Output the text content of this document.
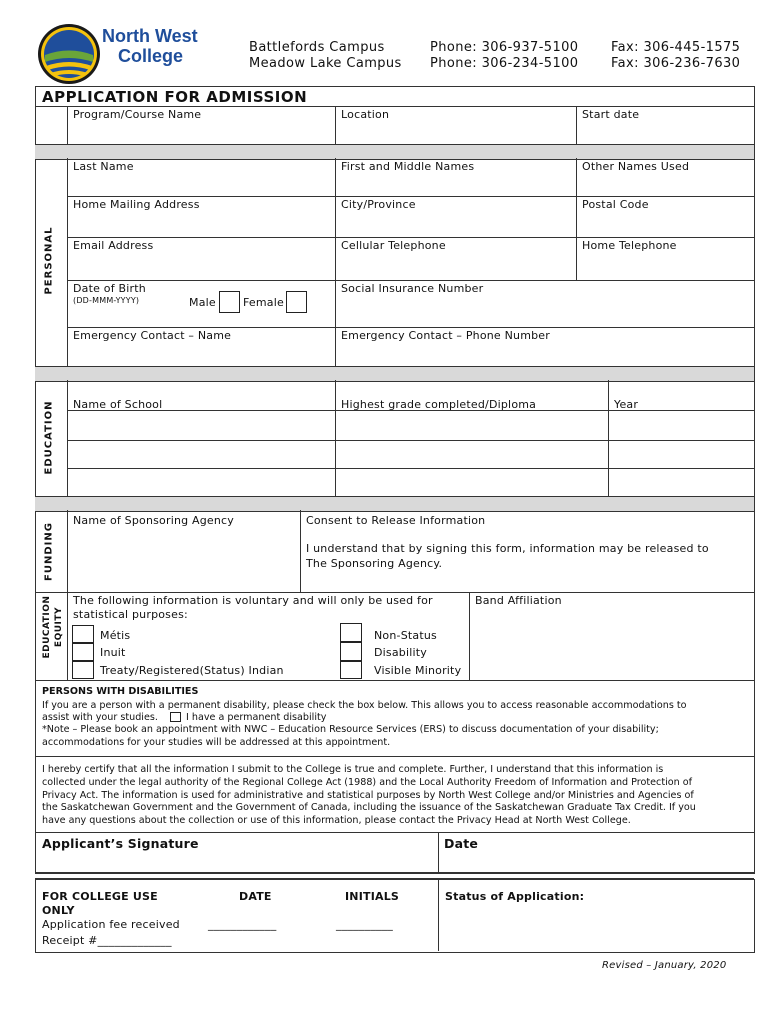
North West
College	Battlefords Campus
Meadow Lake Campus
Phone: 306-937-5100
Phone: 306-234-5100
Fax: 306-445-1575
Fax: 306-236-7630
APPLICATION FOR ADMISSION
Program/Course Name	Location	Start date
PERSONAL
Last Name	First and Middle Names	Other Names Used
Home Mailing Address	City/Province	Postal Code
Email Address	Cellular Telephone	Home Telephone
Date of Birth
(DD-MMM-YYYY)	Male Female
Social Insurance Number
Emergency Contact – Name	Emergency Contact – Phone Number
EDUCATION Name of School	Highest grade completed/Diploma	Year
FUNDING
Name of Sponsoring Agency	Consent to Release Information
I understand that by signing this form, information may be released to
The Sponsoring Agency.
EDUCATION EQUITY
The following information is voluntary and will only be used for
statistical purposes:
Band Affiliation
Métis
Inuit
Treaty/Registered(Status) Indian
Non-Status
Disability
Visible Minority
PERSONS WITH DISABILITIES
If you are a person with a permanent disability, please check the box below. This allows you to access reasonable accommodations to
assist with your studies.	I have a permanent disability
*Note – Please book an appointment with NWC – Education Resource Services (ERS) to discuss documentation of your disability;
accommodations for your studies will be addressed at this appointment.
I hereby certify that all the information I submit to the College is true and complete. Further, I understand that this information is
collected under the legal authority of the Regional College Act (1988) and the Local Authority Freedom of Information and Protection of
Privacy Act. The information is used for administrative and statistical purposes by North West College and/or Ministries and Agencies of
the Saskatchewan Government and the Government of Canada, including the issuance of the Saskatchewan Graduate Tax Credit. If you
have any questions about the collection or use of this information, please contact the Privacy Head at North West College.
Applicant’s Signature	Date
FOR COLLEGE USE
ONLY
DATE	INITIALS	Status of Application:
Application fee received	____________	__________
Receipt #_____________
Revised – January, 2020
